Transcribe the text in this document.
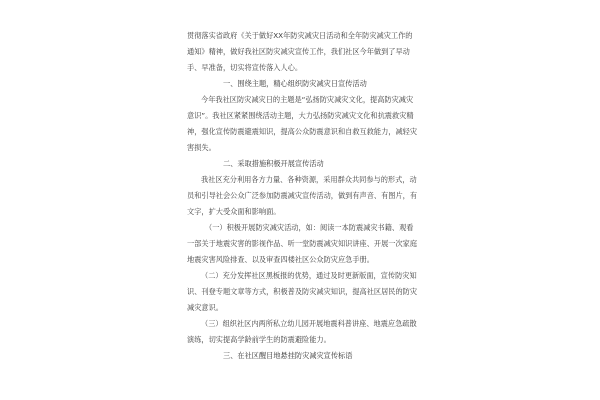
贯彻落实省政府《关于做好XX年防灾减灾日活动和全年防灾减灾工作的通知》精神，做好我社区防灾减灾宣传工作，我们社区今年做到了早动手、早准备，切实将宣传落入人心。

一、围绕主题，精心组织防灾减灾日宣传活动

今年我社区防灾减灾日的主题是“弘扬防灾减灾文化，提高防灾减灾意识”。我社区紧紧围绕活动主题，大力弘扬防灾减灾文化和抗震救灾精神，强化宣传防震避震知识，提高公众防震意识和自救互救能力，减轻灾害损失。

二、采取措施积极开展宣传活动

我社区充分利用各方力量、各种资源，采用群众共同参与的形式，动员和引导社会公众广泛参加防震减灾宣传活动，做到有声音、有图片，有文字，扩大受众面和影响面。

（一）积极开展防灾减灾活动，如：阅读一本防震减灾书籍、观看一部关于地震灾害的影视作品、听一堂防震减灾知识讲座、开展一次家庭地震灾害风险排查、以及审查四楼社区公众防灾应急手册。

（二）充分发挥社区黑板报的优势，通过及时更新版面，宣传防灾知识、刊登专题文章等方式，积极普及防灾减灾知识，提高社区居民的防灾减灾意识。

（三）组织社区内两所私立幼儿园开展地震科普讲座、地震应急疏散演练，切实提高学龄前学生的防震避险能力。

三、在社区醒目地悬挂防灾减灾宣传标语
